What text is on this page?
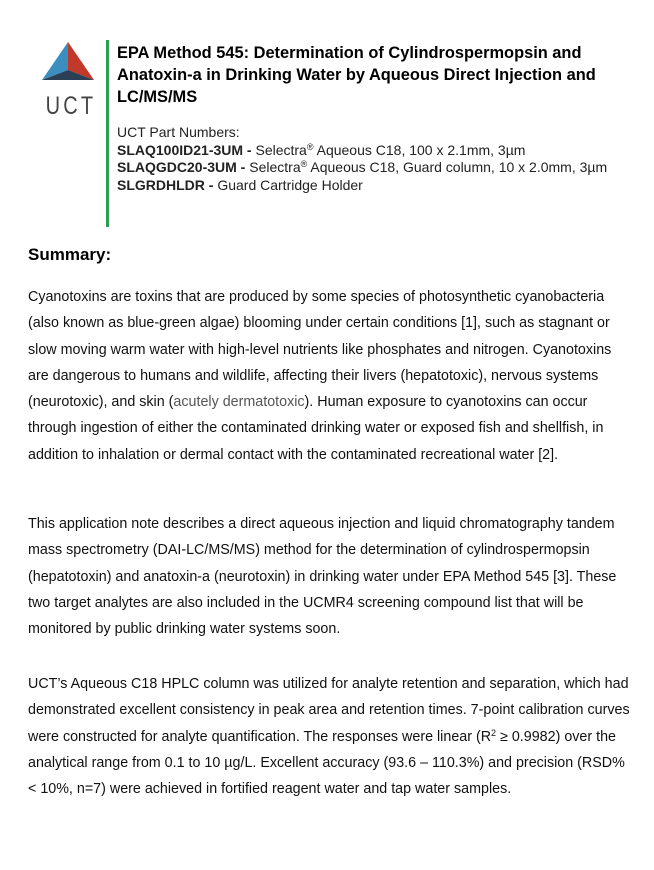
UCT
EPA Method 545: Determination of Cylindrospermopsin and Anatoxin-a in Drinking Water by Aqueous Direct Injection and LC/MS/MS
UCT Part Numbers:
SLAQ100ID21-3UM - Selectra® Aqueous C18, 100 x 2.1mm, 3µm
SLAQGDC20-3UM - Selectra® Aqueous C18, Guard column, 10 x 2.0mm, 3µm
SLGRDHLDR - Guard Cartridge Holder
Summary:
Cyanotoxins are toxins that are produced by some species of photosynthetic cyanobacteria (also known as blue-green algae) blooming under certain conditions [1], such as stagnant or slow moving warm water with high-level nutrients like phosphates and nitrogen. Cyanotoxins are dangerous to humans and wildlife, affecting their livers (hepatotoxic), nervous systems (neurotoxic), and skin (acutely dermatotoxic). Human exposure to cyanotoxins can occur through ingestion of either the contaminated drinking water or exposed fish and shellfish, in addition to inhalation or dermal contact with the contaminated recreational water [2].
This application note describes a direct aqueous injection and liquid chromatography tandem mass spectrometry (DAI-LC/MS/MS) method for the determination of cylindrospermopsin (hepatotoxin) and anatoxin-a (neurotoxin) in drinking water under EPA Method 545 [3]. These two target analytes are also included in the UCMR4 screening compound list that will be monitored by public drinking water systems soon.
UCT’s Aqueous C18 HPLC column was utilized for analyte retention and separation, which had demonstrated excellent consistency in peak area and retention times. 7-point calibration curves were constructed for analyte quantification. The responses were linear $(R^2 \ge 0.9982)$ over the analytical range from 0.1 to 10 µg/L. Excellent accuracy (93.6 – 110.3%) and precision (RSD% < 10%, n=7) were achieved in fortified reagent water and tap water samples.
